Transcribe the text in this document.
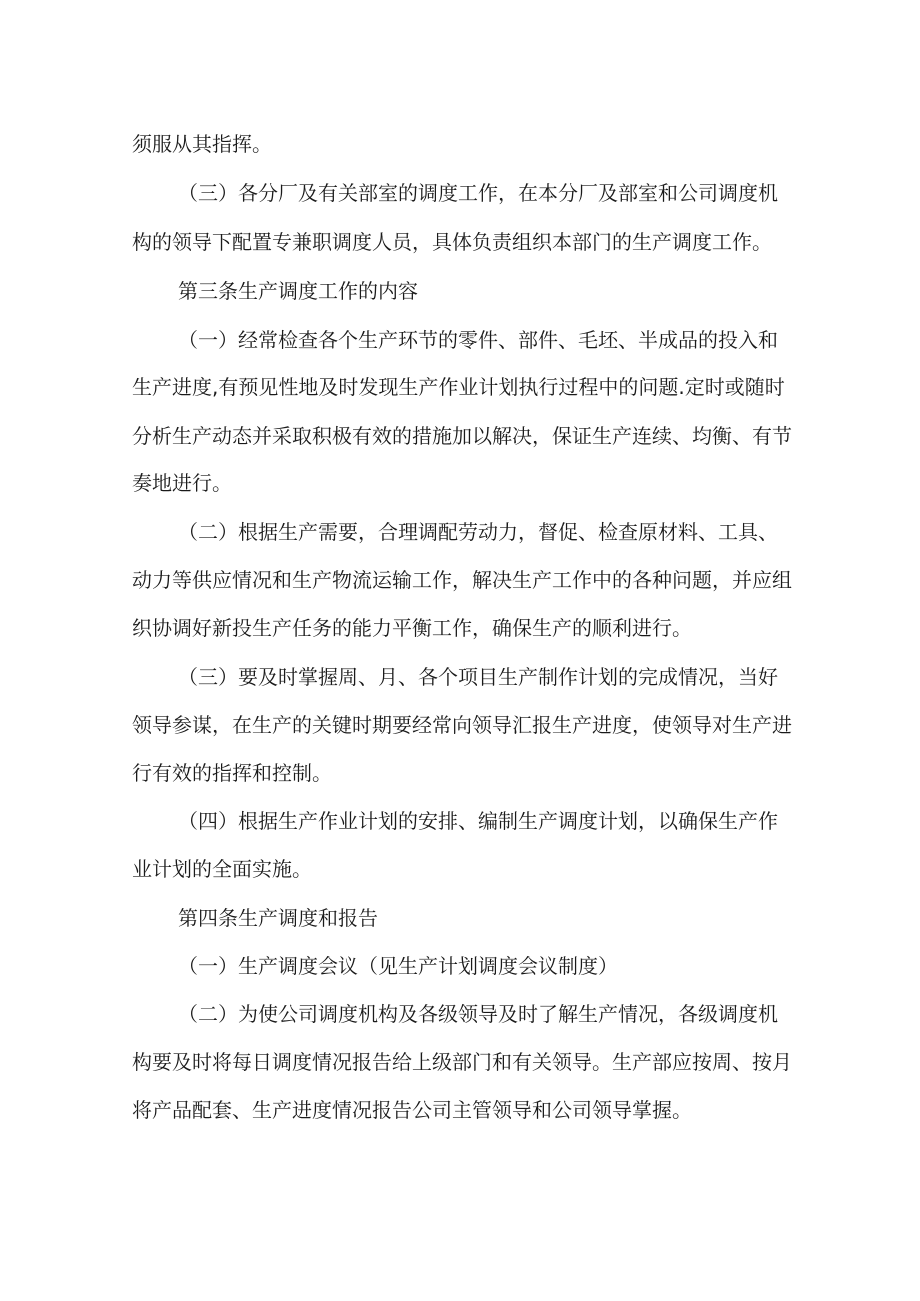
须服从其指挥。
（三）各分厂及有关部室的调度工作，在本分厂及部室和公司调度机
构的领导下配置专兼职调度人员，具体负责组织本部门的生产调度工作。
第三条生产调度工作的内容
（一）经常检查各个生产环节的零件、部件、毛坯、半成品的投入和
生产进度,有预见性地及时发现生产作业计划执行过程中的问题.定时或随时
分析生产动态并采取积极有效的措施加以解决，保证生产连续、均衡、有节
奏地进行。
（二）根据生产需要，合理调配劳动力，督促、检查原材料、工具、
动力等供应情况和生产物流运输工作，解决生产工作中的各种问题，并应组
织协调好新投生产任务的能力平衡工作，确保生产的顺利进行。
（三）要及时掌握周、月、各个项目生产制作计划的完成情况，当好
领导参谋，在生产的关键时期要经常向领导汇报生产进度，使领导对生产进
行有效的指挥和控制。
（四）根据生产作业计划的安排、编制生产调度计划，以确保生产作
业计划的全面实施。
第四条生产调度和报告
（一）生产调度会议（见生产计划调度会议制度）
（二）为使公司调度机构及各级领导及时了解生产情况，各级调度机
构要及时将每日调度情况报告给上级部门和有关领导。生产部应按周、按月
将产品配套、生产进度情况报告公司主管领导和公司领导掌握。
